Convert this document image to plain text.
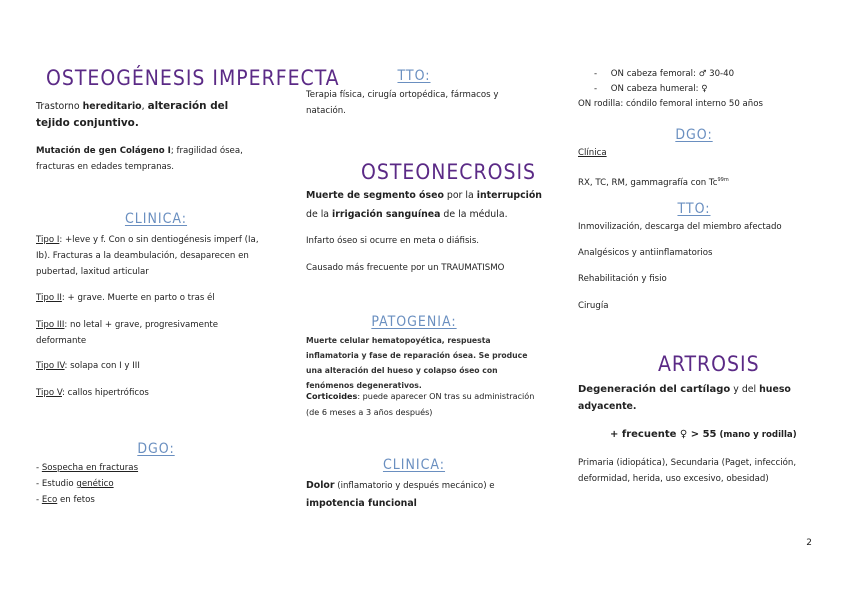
OSTEOGÉNESIS IMPERFECTA

Trastorno hereditario, alteración del tejido conjuntivo.

Mutación de gen Colágeno I; fragilidad ósea, fracturas en edades tempranas.

CLINICA:

Tipo I: +leve y f. Con o sin dentiogénesis imperf (Ia, Ib). Fracturas a la deambulación, desaparecen en pubertad, laxitud articular

Tipo II: + grave. Muerte en parto o tras él

Tipo III: no letal + grave, progresivamente deformante

Tipo IV: solapa con I y III

Tipo V: callos hipertróficos

DGO:

- Sospecha en fracturas

- Estudio genético

- Eco en fetos

TTO:

Terapia física, cirugía ortopédica, fármacos y natación.

OSTEONECROSIS

Muerte de segmento óseo por la interrupción de la irrigación sanguínea de la médula.

Infarto óseo si ocurre en meta o diáfisis.

Causado más frecuente por un TRAUMATISMO

PATOGENIA:

Muerte celular hematopoyética, respuesta inflamatoria y fase de reparación ósea. Se produce una alteración del hueso y colapso óseo con fenómenos degenerativos.

Corticoides: puede aparecer ON tras su administración (de 6 meses a 3 años después)

CLINICA:

Dolor (inflamatorio y después mecánico) e
impotencia funcional

-     ON cabeza femoral: ♂ 30-40

-     ON cabeza humeral: ♀

ON rodilla: cóndilo femoral interno 50 años

DGO:

Clínica

RX, TC, RM, gammagrafía con $Tc^{99m}$

TTO:

Inmovilización, descarga del miembro afectado

Analgésicos y antiinflamatorios

Rehabilitación y fisio

Cirugía

ARTROSIS

Degeneración del cartílago y del hueso adyacente.

+ frecuente ♀ > 55 (mano y rodilla)

Primaria (idiopática), Secundaria (Paget, infección, deformidad, herida, uso excesivo, obesidad)

2
